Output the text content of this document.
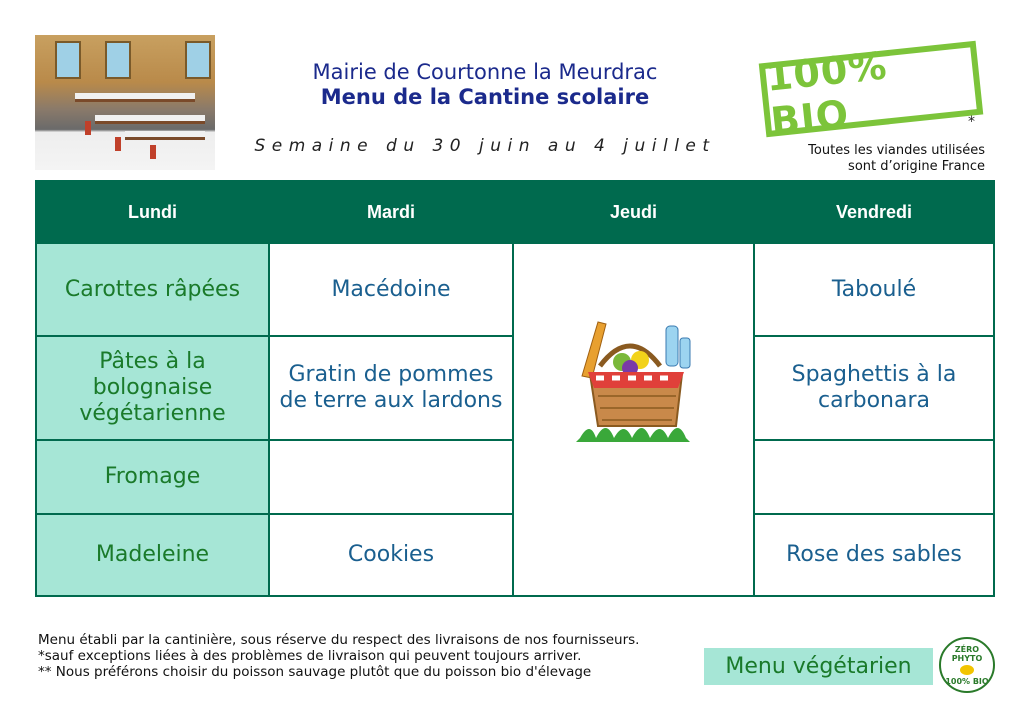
Mairie de Courtonne la Meurdrac
Menu de la Cantine scolaire
Semaine du 30 juin au 4 juillet
100% BIO	*
Toutes les viandes utilisées
sont d’origine France
Lundi	Mardi	Jeudi	Vendredi
Carottes râpées	Macédoine		Taboulé
Pâtes à la bolognaise végétarienne	Gratin de pommes de terre aux lardons		Spaghettis à la carbonara
Fromage			
Madeleine	Cookies		Rose des sables
Menu établi par la cantinière, sous réserve du respect des livraisons de nos fournisseurs.
*sauf exceptions liées à des problèmes de livraison qui peuvent toujours arriver.
** Nous préférons choisir du poisson sauvage plutôt que du poisson bio d'élevage	Menu végétarien
ZÉRO PHYTO
100% BIO
